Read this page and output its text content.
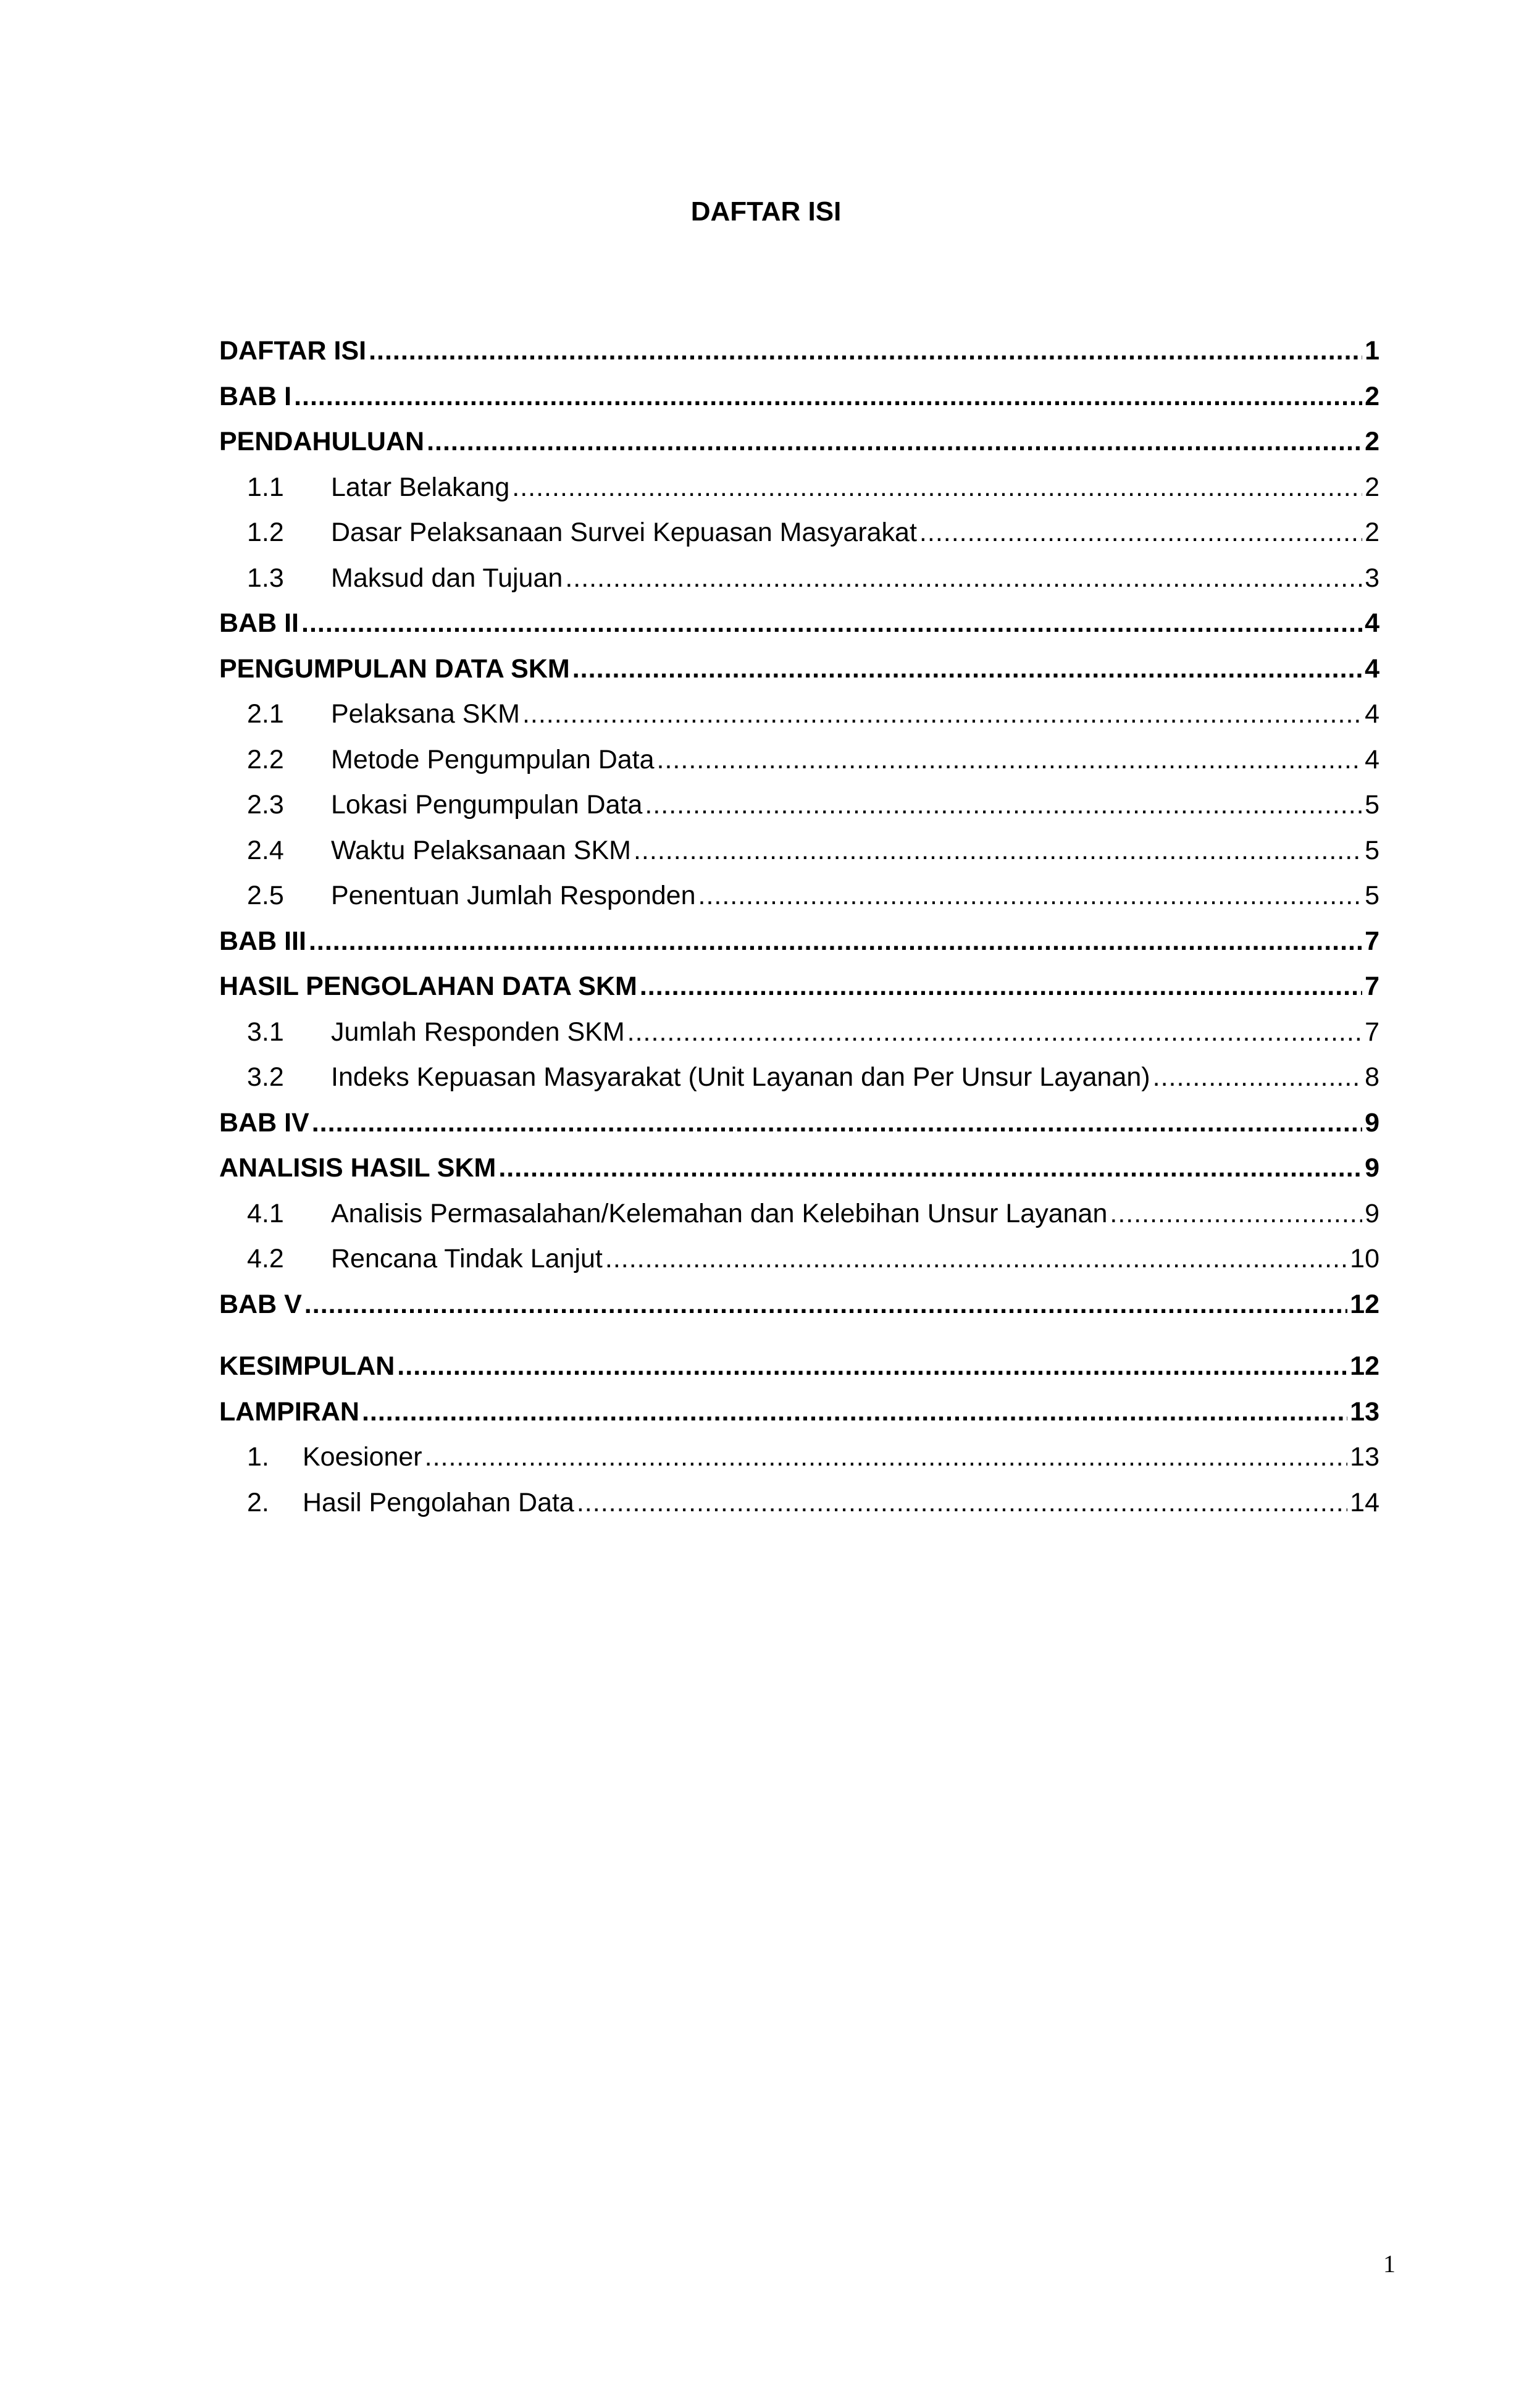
DAFTAR ISI
DAFTAR ISI .....	1
BAB I .....	2
PENDAHULUAN .....	2
1.1	Latar Belakang .....	2
1.2	Dasar Pelaksanaan Survei Kepuasan Masyarakat .....	2
1.3	Maksud dan Tujuan .....	3
BAB II .....	4
PENGUMPULAN DATA SKM .....	4
2.1	Pelaksana SKM .....	4
2.2	Metode Pengumpulan Data .....	4
2.3	Lokasi Pengumpulan Data .....	5
2.4	Waktu Pelaksanaan SKM .....	5
2.5	Penentuan Jumlah Responden .....	5
BAB III .....	7
HASIL PENGOLAHAN DATA SKM .....	7
3.1	Jumlah Responden SKM .....	7
3.2	Indeks Kepuasan Masyarakat (Unit Layanan dan Per Unsur Layanan) .....	8
BAB IV .....	9
ANALISIS HASIL SKM .....	9
4.1	Analisis Permasalahan/Kelemahan dan Kelebihan Unsur Layanan .....	9
4.2	Rencana Tindak Lanjut .....	10
BAB V .....	12
KESIMPULAN .....	12
LAMPIRAN .....	13
1.	Koesioner .....	13
2.	Hasil Pengolahan Data .....	14
1
